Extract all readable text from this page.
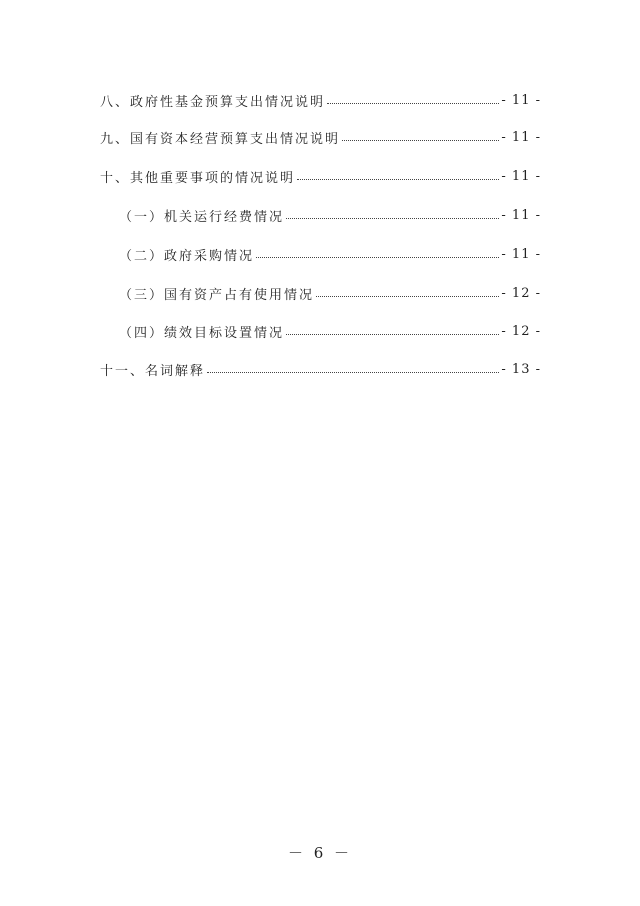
八、政府性基金预算支出情况说明	- 11 -
九、国有资本经营预算支出情况说明	- 11 -
十、其他重要事项的情况说明	- 11 -
（一）机关运行经费情况	- 11 -
（二）政府采购情况	- 11 -
（三）国有资产占有使用情况	- 12 -
（四）绩效目标设置情况	- 12 -
十一、名词解释	- 13 -
－ 6 －
